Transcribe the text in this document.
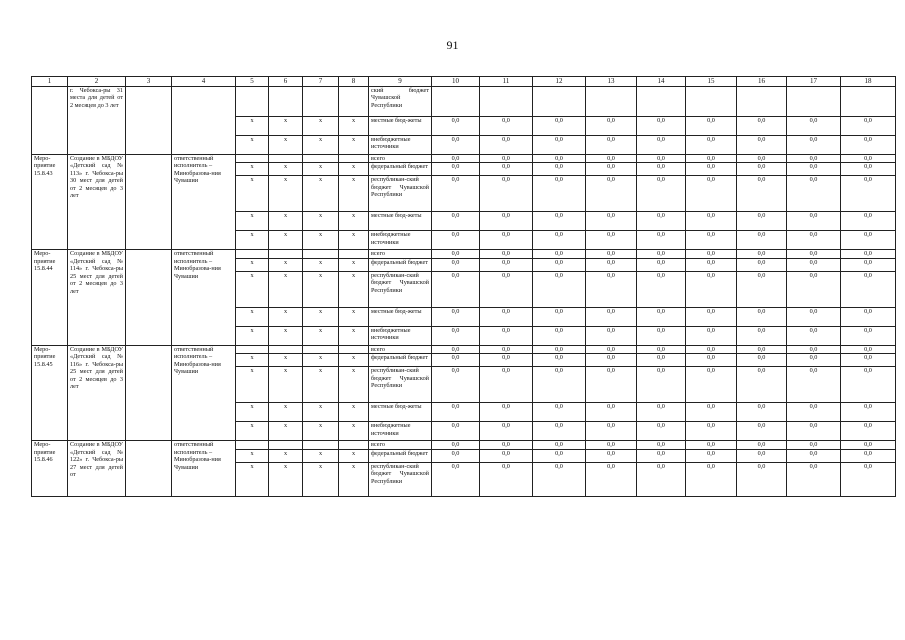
91
1	2	3	4	5	6	7	8	9	10	11	12	13	14	15	16	17	18
	г. Чебокса-ры 31 места для детей от 2 месяцев до 3 лет							ский бюджет Чувашской Республики									
				х	х	х	х	местные бюд-жеты	0,0	0,0	0,0	0,0	0,0	0,0	0,0	0,0	0,0
				х	х	х	х	внебюджетные источники	0,0	0,0	0,0	0,0	0,0	0,0	0,0	0,0	0,0
Меро-приятие 15.8.43	Создание в МБДОУ «Детский сад № 113» г. Чебокса-ры 30 мест для детей от 2 месяцев до 3 лет		ответственный исполнитель – Минобразова-ния Чувашии					всего	0,0	0,0	0,0	0,0	0,0	0,0	0,0	0,0	0,0
				х	х	х	х	федеральный бюджет	0,0	0,0	0,0	0,0	0,0	0,0	0,0	0,0	0,0
				х	х	х	х	республикан-ский бюджет Чувашской Республики	0,0	0,0	0,0	0,0	0,0	0,0	0,0	0,0	0,0
				х	х	х	х	местные бюд-жеты	0,0	0,0	0,0	0,0	0,0	0,0	0,0	0,0	0,0
				х	х	х	х	внебюджетные источники	0,0	0,0	0,0	0,0	0,0	0,0	0,0	0,0	0,0
Меро-приятие 15.8.44	Создание в МБДОУ «Детский сад № 114» г. Чебокса-ры 25 мест для детей от 2 месяцев до 3 лет		ответственный исполнитель – Минобразова-ния Чувашии					всего	0,0	0,0	0,0	0,0	0,0	0,0	0,0	0,0	0,0
				х	х	х	х	федеральный бюджет	0,0	0,0	0,0	0,0	0,0	0,0	0,0	0,0	0,0
				х	х	х	х	республикан-ский бюджет Чувашской Республики	0,0	0,0	0,0	0,0	0,0	0,0	0,0	0,0	0,0
				х	х	х	х	местные бюд-жеты	0,0	0,0	0,0	0,0	0,0	0,0	0,0	0,0	0,0
				х	х	х	х	внебюджетные источники	0,0	0,0	0,0	0,0	0,0	0,0	0,0	0,0	0,0
Меро-приятие 15.8.45	Создание в МБДОУ «Детский сад № 116» г. Чебокса-ры 25 мест для детей от 2 месяцев до 3 лет		ответственный исполнитель – Минобразова-ния Чувашии					всего	0,0	0,0	0,0	0,0	0,0	0,0	0,0	0,0	0,0
				х	х	х	х	федеральный бюджет	0,0	0,0	0,0	0,0	0,0	0,0	0,0	0,0	0,0
				х	х	х	х	республикан-ский бюджет Чувашской Республики	0,0	0,0	0,0	0,0	0,0	0,0	0,0	0,0	0,0
				х	х	х	х	местные бюд-жеты	0,0	0,0	0,0	0,0	0,0	0,0	0,0	0,0	0,0
				х	х	х	х	внебюджетные источники	0,0	0,0	0,0	0,0	0,0	0,0	0,0	0,0	0,0
Меро-приятие 15.8.46	Создание в МБДОУ «Детский сад № 122» г. Чебокса-ры 27 мест для детей от		ответственный исполнитель – Минобразова-ния Чувашии					всего	0,0	0,0	0,0	0,0	0,0	0,0	0,0	0,0	0,0
				х	х	х	х	федеральный бюджет	0,0	0,0	0,0	0,0	0,0	0,0	0,0	0,0	0,0
				х	х	х	х	республикан-ский бюджет Чувашской Республики	0,0	0,0	0,0	0,0	0,0	0,0	0,0	0,0	0,0
